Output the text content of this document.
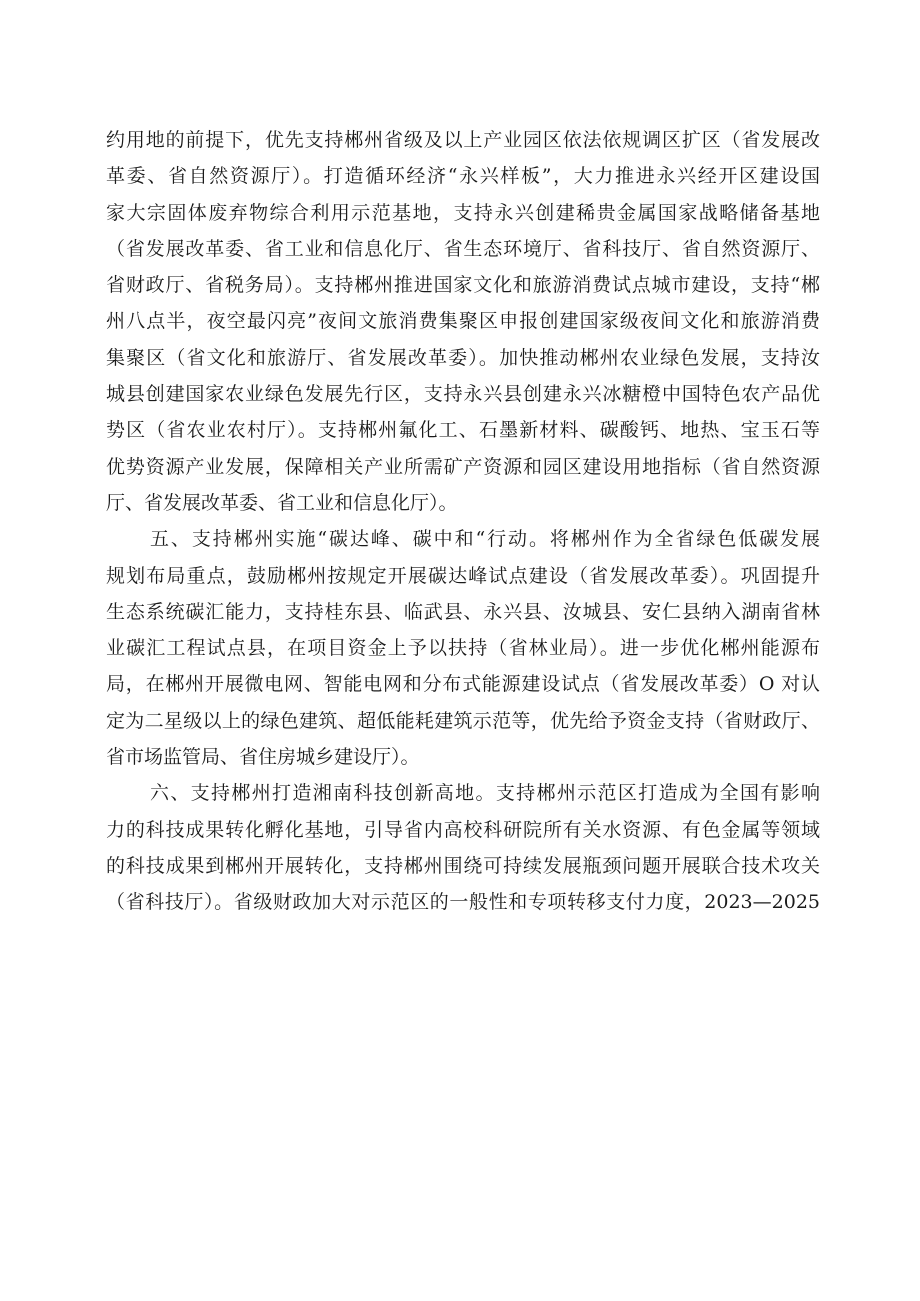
约用地的前提下，优先支持郴州省级及以上产业园区依法依规调区扩区（省发展改
革委、省自然资源厅）。打造循环经济“永兴样板”，大力推进永兴经开区建设国
家大宗固体废弃物综合利用示范基地，支持永兴创建稀贵金属国家战略储备基地
（省发展改革委、省工业和信息化厅、省生态环境厅、省科技厅、省自然资源厅、
省财政厅、省税务局）。支持郴州推进国家文化和旅游消费试点城市建设，支持“郴
州八点半，夜空最闪亮”夜间文旅消费集聚区申报创建国家级夜间文化和旅游消费
集聚区（省文化和旅游厅、省发展改革委）。加快推动郴州农业绿色发展，支持汝
城县创建国家农业绿色发展先行区，支持永兴县创建永兴冰糖橙中国特色农产品优
势区（省农业农村厅）。支持郴州氟化工、石墨新材料、碳酸钙、地热、宝玉石等
优势资源产业发展，保障相关产业所需矿产资源和园区建设用地指标（省自然资源
厅、省发展改革委、省工业和信息化厅）。
五、支持郴州实施“碳达峰、碳中和“行动。将郴州作为全省绿色低碳发展
规划布局重点，鼓励郴州按规定开展碳达峰试点建设（省发展改革委）。巩固提升
生态系统碳汇能力，支持桂东县、临武县、永兴县、汝城县、安仁县纳入湖南省林
业碳汇工程试点县，在项目资金上予以扶持（省林业局）。进一步优化郴州能源布
局，在郴州开展微电网、智能电网和分布式能源建设试点（省发展改革委）O 对认
定为二星级以上的绿色建筑、超低能耗建筑示范等，优先给予资金支持（省财政厅、
省市场监管局、省住房城乡建设厅）。
六、支持郴州打造湘南科技创新高地。支持郴州示范区打造成为全国有影响
力的科技成果转化孵化基地，引导省内高校科研院所有关水资源、有色金属等领域
的科技成果到郴州开展转化，支持郴州围绕可持续发展瓶颈问题开展联合技术攻关
（省科技厅）。省级财政加大对示范区的一般性和专项转移支付力度，2023—2025
